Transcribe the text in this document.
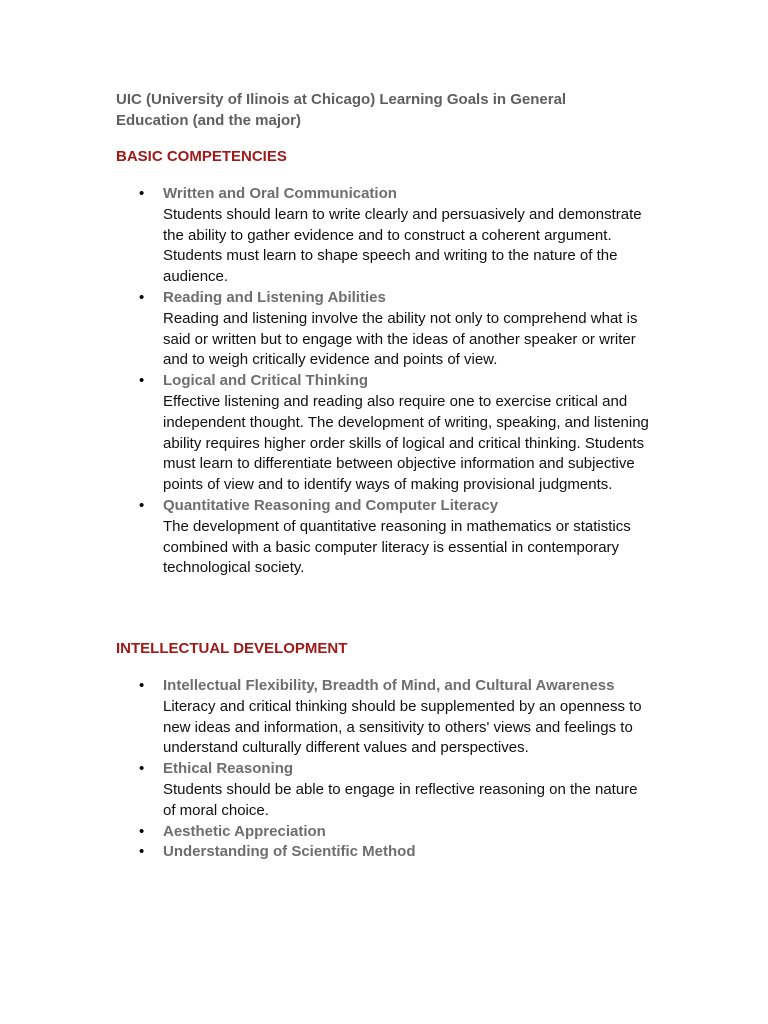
UIC (University of Ilinois at Chicago) Learning Goals in General Education (and the major)
BASIC COMPETENCIES
• Written and Oral Communication
Students should learn to write clearly and persuasively and demonstrate the ability to gather evidence and to construct a coherent argument. Students must learn to shape speech and writing to the nature of the audience.
• Reading and Listening Abilities
Reading and listening involve the ability not only to comprehend what is said or written but to engage with the ideas of another speaker or writer and to weigh critically evidence and points of view.
• Logical and Critical Thinking
Effective listening and reading also require one to exercise critical and independent thought. The development of writing, speaking, and listening ability requires higher order skills of logical and critical thinking. Students must learn to differentiate between objective information and subjective points of view and to identify ways of making provisional judgments.
• Quantitative Reasoning and Computer Literacy
The development of quantitative reasoning in mathematics or statistics combined with a basic computer literacy is essential in contemporary technological society.
INTELLECTUAL DEVELOPMENT
• Intellectual Flexibility, Breadth of Mind, and Cultural Awareness
Literacy and critical thinking should be supplemented by an openness to new ideas and information, a sensitivity to others' views and feelings to understand culturally different values and perspectives.
• Ethical Reasoning
Students should be able to engage in reflective reasoning on the nature of moral choice.
• Aesthetic Appreciation
• Understanding of Scientific Method
